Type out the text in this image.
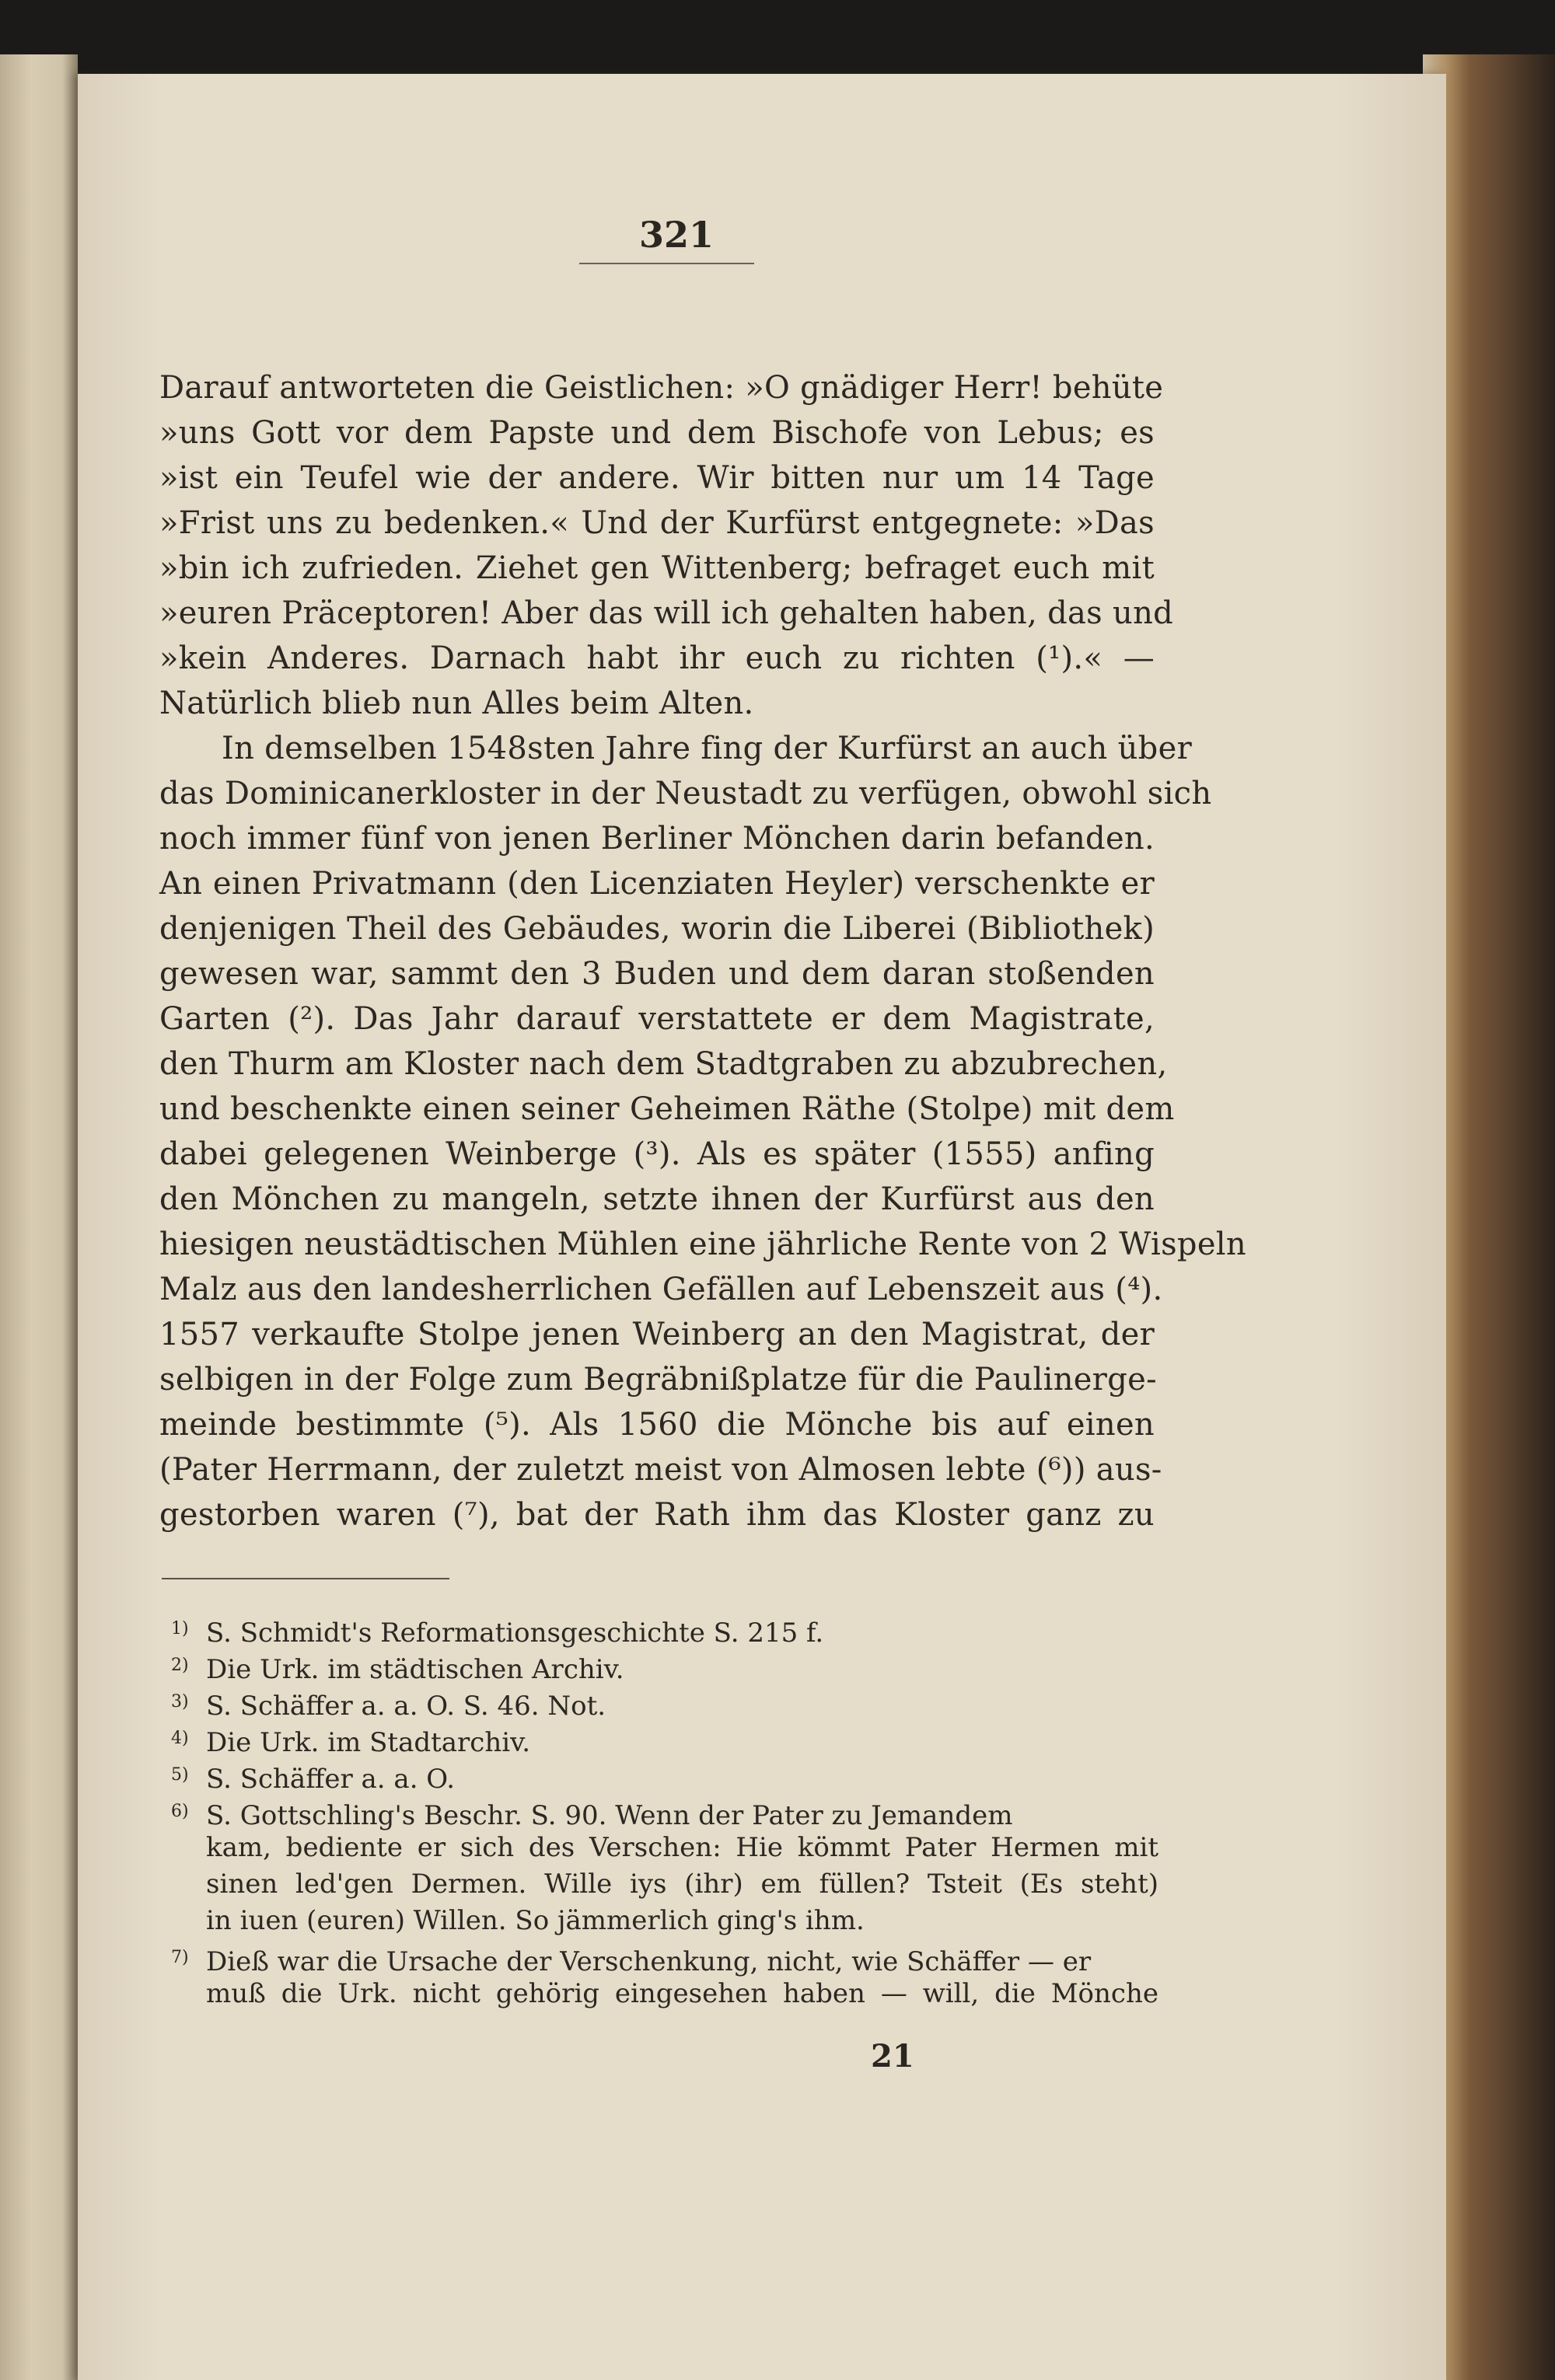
321
Darauf antworteten die Geistlichen: »O gnädiger Herr! behüte
»uns Gott vor dem Papste und dem Bischofe von Lebus; es
»ist ein Teufel wie der andere. Wir bitten nur um 14 Tage
»Frist uns zu bedenken.« Und der Kurfürst entgegnete: »Das
»bin ich zufrieden. Ziehet gen Wittenberg; befraget euch mit
»euren Präceptoren! Aber das will ich gehalten haben, das und
»kein Anderes. Darnach habt ihr euch zu richten (¹).« —
Natürlich blieb nun Alles beim Alten.
In demselben 1548sten Jahre fing der Kurfürst an auch über
das Dominicanerkloster in der Neustadt zu verfügen, obwohl sich
noch immer fünf von jenen Berliner Mönchen darin befanden.
An einen Privatmann (den Licenziaten Heyler) verschenkte er
denjenigen Theil des Gebäudes, worin die Liberei (Bibliothek)
gewesen war, sammt den 3 Buden und dem daran stoßenden
Garten (²). Das Jahr darauf verstattete er dem Magistrate,
den Thurm am Kloster nach dem Stadtgraben zu abzubrechen,
und beschenkte einen seiner Geheimen Räthe (Stolpe) mit dem
dabei gelegenen Weinberge (³). Als es später (1555) anfing
den Mönchen zu mangeln, setzte ihnen der Kurfürst aus den
hiesigen neustädtischen Mühlen eine jährliche Rente von 2 Wispeln
Malz aus den landesherrlichen Gefällen auf Lebenszeit aus (⁴).
1557 verkaufte Stolpe jenen Weinberg an den Magistrat, der
selbigen in der Folge zum Begräbnißplatze für die Paulinerge-
meinde bestimmte (⁵). Als 1560 die Mönche bis auf einen
(Pater Herrmann, der zuletzt meist von Almosen lebte (⁶)) aus-
gestorben waren (⁷), bat der Rath ihm das Kloster ganz zu
1) S. Schmidt's Reformationsgeschichte S. 215 f.
2) Die Urk. im städtischen Archiv.
3) S. Schäffer a. a. O. S. 46. Not.
4) Die Urk. im Stadtarchiv.
5) S. Schäffer a. a. O.
6) S. Gottschling's Beschr. S. 90. Wenn der Pater zu Jemandem
kam, bediente er sich des Verschen: Hie kömmt Pater Hermen mit
sinen led'gen Dermen. Wille iys (ihr) em füllen? Tsteit (Es steht)
in iuen (euren) Willen. So jämmerlich ging's ihm.
7) Dieß war die Ursache der Verschenkung, nicht, wie Schäffer — er
muß die Urk. nicht gehörig eingesehen haben — will, die Mönche
21
